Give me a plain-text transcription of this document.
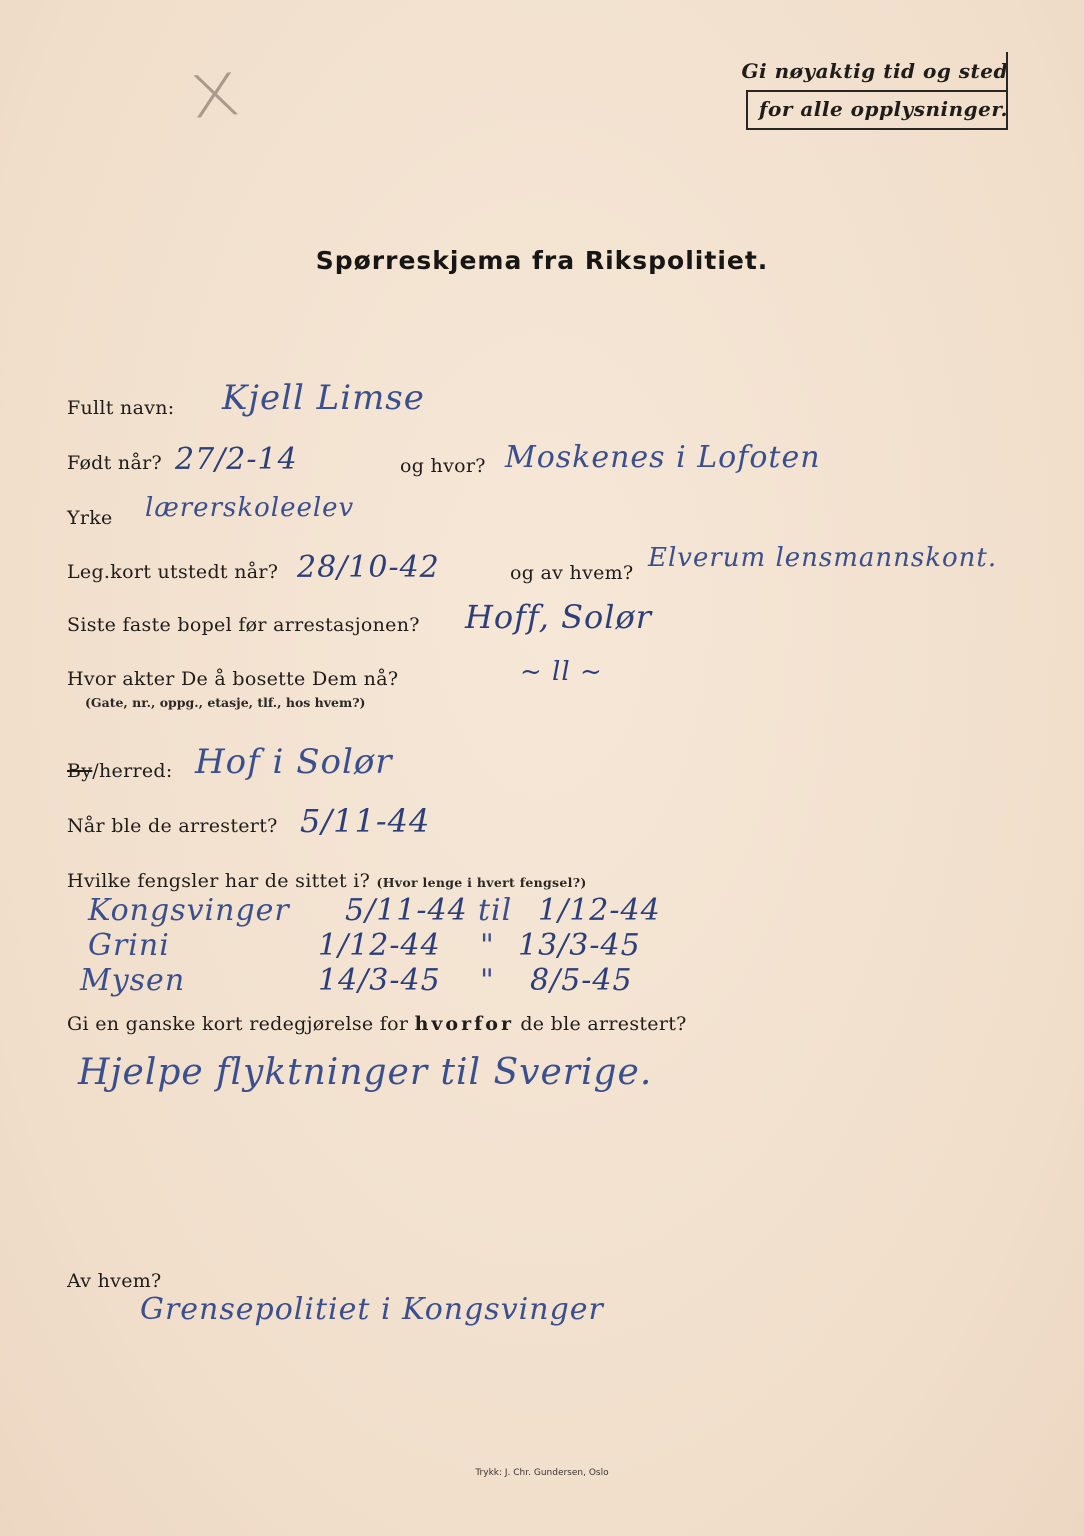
X	Gi nøyaktig tid og sted
for alle opplysninger.
Spørreskjema fra Rikspolitiet.
Fullt navn: Kjell Limse
Født når? 27/2-14	og hvor? Moskenes i Lofoten
Yrke lærerskoleelev
Leg.kort utstedt når? 28/10-42	og av hvem? Elverum lensmannskont.
Siste faste bopel før arrestasjonen? Hoff, Solør
Hvor akter De å bosette Dem nå?
(Gate, nr., oppg., etasje, tlf., hos hvem?)
~ ll ~
By/herred: Hof i Solør
Når ble de arrestert? 5/11-44
Hvilke fengsler har de sittet i? (Hvor lenge i hvert fengsel?)
Kongsvinger 5/11-44 til 1/12-44
Grini	1/12-44 " 13/3-45
Mysen	14/3-45 " 8/5-45
Gi en ganske kort redegjørelse for hvorfor de ble arrestert?
Hjelpe flyktninger til Sverige.
Av hvem?
Grensepolitiet i Kongsvinger
Trykk: J. Chr. Gundersen, Oslo
